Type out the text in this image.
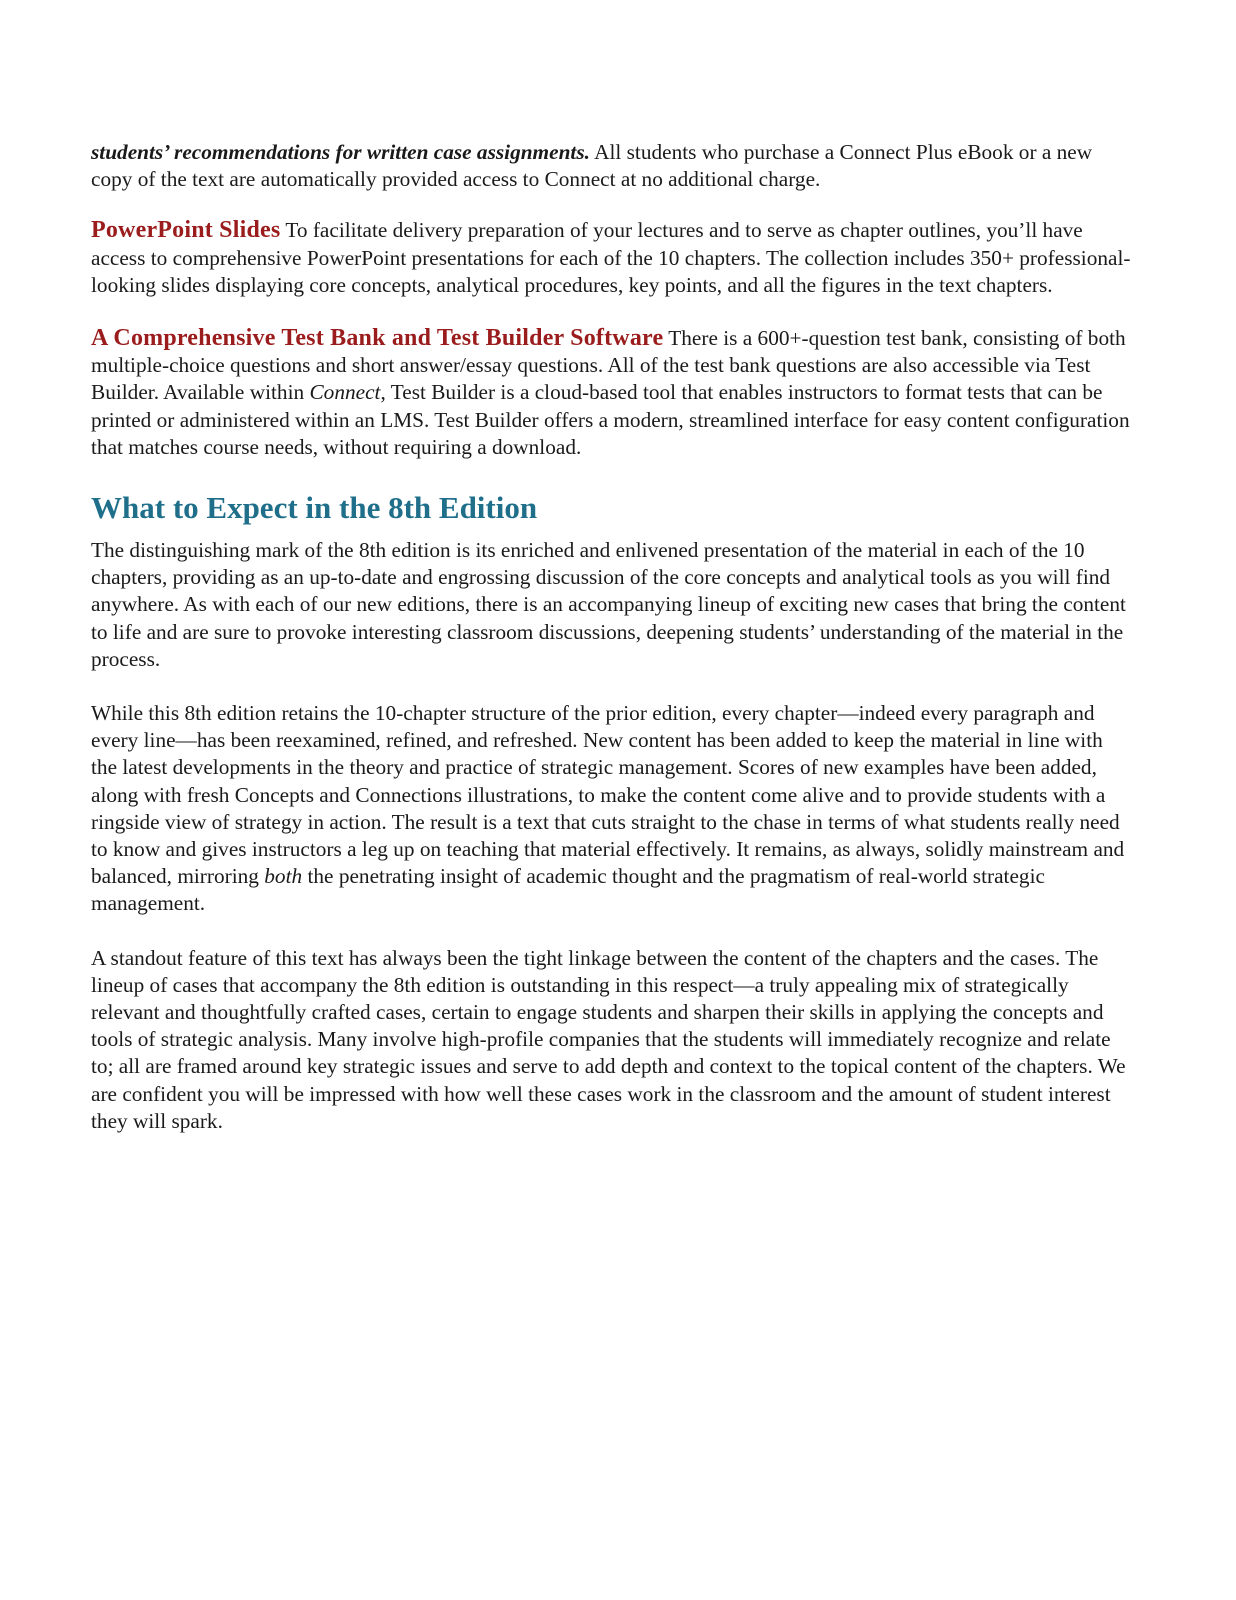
students’ recommendations for written case assignments. All students who purchase a Connect Plus eBook or a new copy of the text are automatically provided access to Connect at no additional charge.

PowerPoint Slides To facilitate delivery preparation of your lectures and to serve as chapter outlines, you’ll have access to comprehensive PowerPoint presentations for each of the 10 chapters. The collection includes 350+ professional-looking slides displaying core concepts, analytical procedures, key points, and all the figures in the text chapters.

A Comprehensive Test Bank and Test Builder Software There is a 600+-question test bank, consisting of both multiple-choice questions and short answer/essay questions. All of the test bank questions are also accessible via Test Builder. Available within Connect, Test Builder is a cloud-based tool that enables instructors to format tests that can be printed or administered within an LMS. Test Builder offers a modern, streamlined interface for easy content configuration that matches course needs, without requiring a download.

What to Expect in the 8th Edition

The distinguishing mark of the 8th edition is its enriched and enlivened presentation of the material in each of the 10 chapters, providing as an up-to-date and engrossing discussion of the core concepts and analytical tools as you will find anywhere. As with each of our new editions, there is an accompanying lineup of exciting new cases that bring the content to life and are sure to provoke interesting classroom discussions, deepening students’ understanding of the material in the process.

While this 8th edition retains the 10-chapter structure of the prior edition, every chapter—indeed every paragraph and every line—has been reexamined, refined, and refreshed. New content has been added to keep the material in line with the latest developments in the theory and practice of strategic management. Scores of new examples have been added, along with fresh Concepts and Connections illustrations, to make the content come alive and to provide students with a ringside view of strategy in action. The result is a text that cuts straight to the chase in terms of what students really need to know and gives instructors a leg up on teaching that material effectively. It remains, as always, solidly mainstream and balanced, mirroring both the penetrating insight of academic thought and the pragmatism of real-world strategic management.

A standout feature of this text has always been the tight linkage between the content of the chapters and the cases. The lineup of cases that accompany the 8th edition is outstanding in this respect—a truly appealing mix of strategically relevant and thoughtfully crafted cases, certain to engage students and sharpen their skills in applying the concepts and tools of strategic analysis. Many involve high-profile companies that the students will immediately recognize and relate to; all are framed around key strategic issues and serve to add depth and context to the topical content of the chapters. We are confident you will be impressed with how well these cases work in the classroom and the amount of student interest they will spark.
